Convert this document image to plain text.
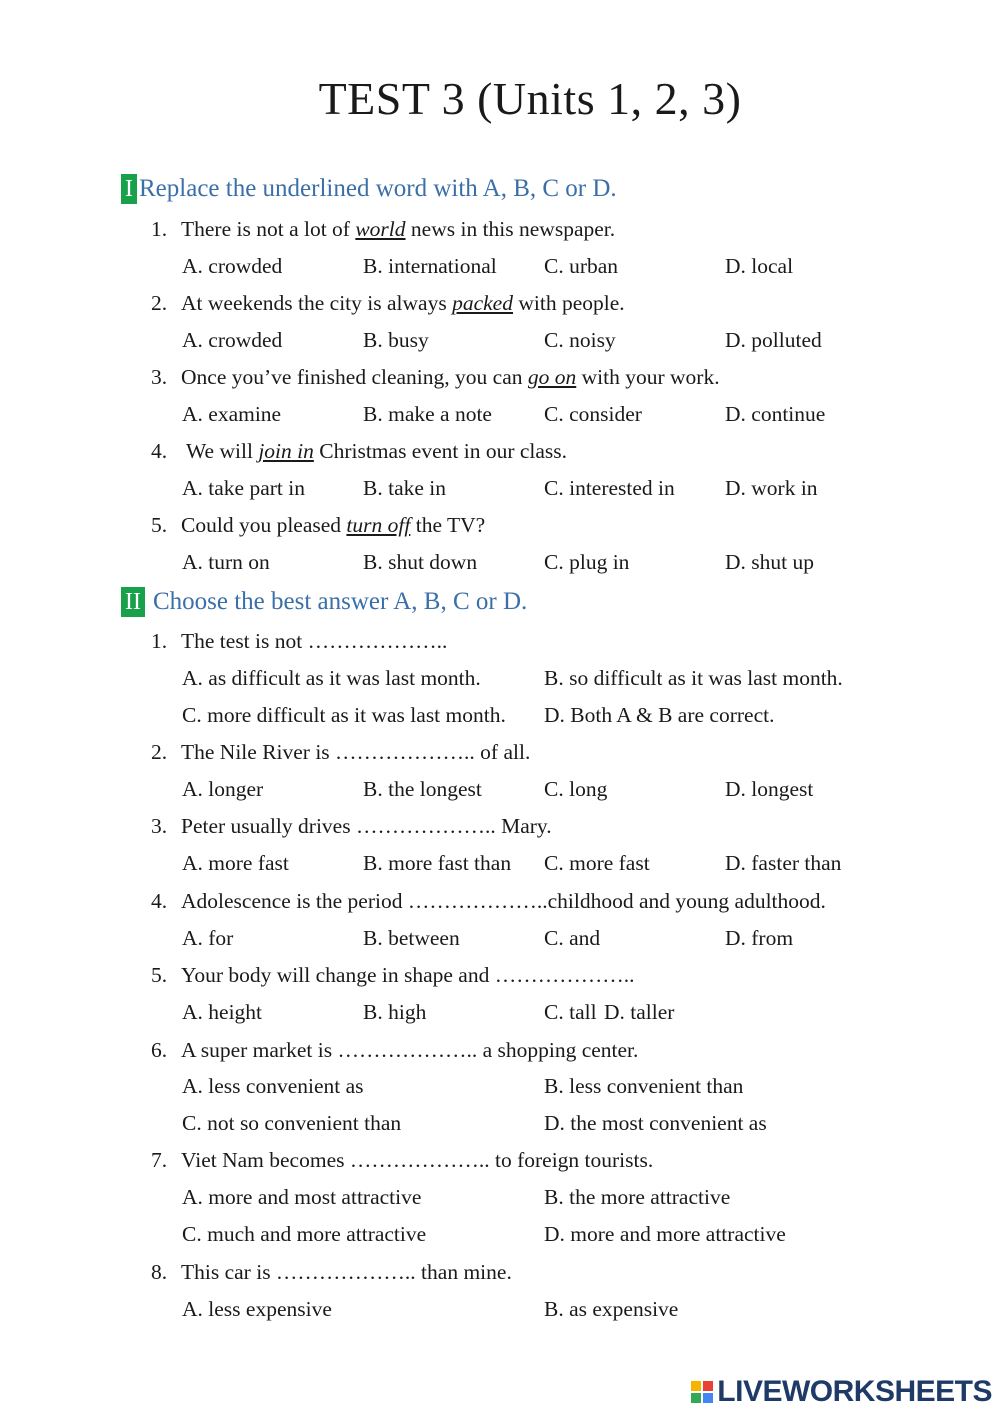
TEST 3 (Units 1, 2, 3)
I Replace the underlined word with A, B, C or D.
1. There is not a lot of world news in this newspaper.
A. crowded	B. international C. urban	D. local
2. At weekends the city is always packed with people.
A. crowded	B. busy	C. noisy	D. polluted
3. Once you’ve finished cleaning, you can go on with your work.
A. examine	B. make a note C. consider	D. continue
4. We will join in Christmas event in our class.
A. take part in	B. take in	C. interested in D. work in
5. Could you pleased turn off the TV?
A. turn on	B. shut down	C. plug in	D. shut up
II Choose the best answer A, B, C or D.
1. The test is not ………………..
A. as difficult as it was last month.	B. so difficult as it was last month.
C. more difficult as it was last month. D. Both A & B are correct.
2. The Nile River is ……………….. of all.
A. longer	B. the longest	C. long	D. longest
3. Peter usually drives ……………….. Mary.
A. more fast	B. more fast than C. more fast	D. faster than
4. Adolescence is the period ………………..childhood and young adulthood.
A. for	B. between	C. and	D. from
5. Your body will change in shape and ………………..
A. height	B. high	C. tall D. taller
6. A super market is ……………….. a shopping center.
A. less convenient as	B. less convenient than
C. not so convenient than	D. the most convenient as
7. Viet Nam becomes ……………….. to foreign tourists.
A. more and most attractive	B. the more attractive
C. much and more attractive	D. more and more attractive
8. This car is ……………….. than mine.
A. less expensive	B. as expensive
LIVEWORKSHEETS
